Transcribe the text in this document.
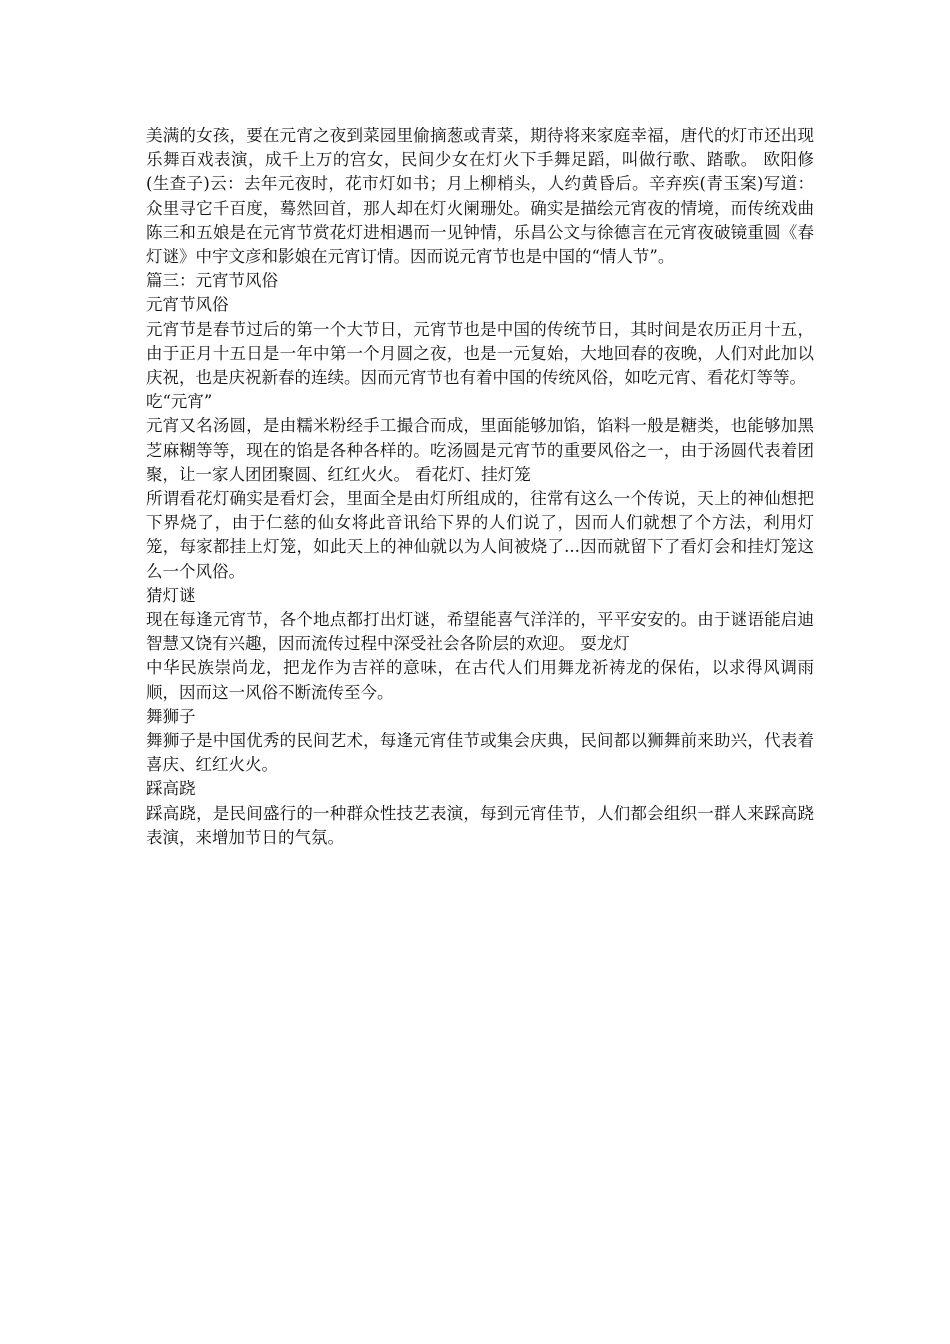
美满的女孩，要在元宵之夜到菜园里偷摘葱或青菜，期待将来家庭幸福，唐代的灯市还出现乐舞百戏表演，成千上万的宫女，民间少女在灯火下手舞足蹈，叫做行歌、踏歌。 欧阳修(生查子)云：去年元夜时，花市灯如书；月上柳梢头，人约黄昏后。辛弃疾(青玉案)写道：众里寻它千百度，蓦然回首，那人却在灯火阑珊处。确实是描绘元宵夜的情境，而传统戏曲陈三和五娘是在元宵节赏花灯进相遇而一见钟情，乐昌公文与徐德言在元宵夜破镜重圆《春灯谜》中宇文彦和影娘在元宵订情。因而说元宵节也是中国的“情人节”。

篇三：元宵节风俗

元宵节风俗

元宵节是春节过后的第一个大节日，元宵节也是中国的传统节日，其时间是农历正月十五，由于正月十五日是一年中第一个月圆之夜，也是一元复始，大地回春的夜晚，人们对此加以庆祝，也是庆祝新春的连续。因而元宵节也有着中国的传统风俗，如吃元宵、看花灯等等。

吃“元宵”

元宵又名汤圆，是由糯米粉经手工撮合而成，里面能够加馅，馅料一般是糖类，也能够加黑芝麻糊等等，现在的馅是各种各样的。吃汤圆是元宵节的重要风俗之一，由于汤圆代表着团聚，让一家人团团聚圆、红红火火。 看花灯、挂灯笼

所谓看花灯确实是看灯会，里面全是由灯所组成的，往常有这么一个传说，天上的神仙想把下界烧了，由于仁慈的仙女将此音讯给下界的人们说了，因而人们就想了个方法，利用灯笼，每家都挂上灯笼，如此天上的神仙就以为人间被烧了...因而就留下了看灯会和挂灯笼这么一个风俗。

猜灯谜

现在每逢元宵节，各个地点都打出灯谜，希望能喜气洋洋的，平平安安的。由于谜语能启迪智慧又饶有兴趣，因而流传过程中深受社会各阶层的欢迎。 耍龙灯

中华民族崇尚龙，把龙作为吉祥的意味，在古代人们用舞龙祈祷龙的保佑，以求得风调雨顺，因而这一风俗不断流传至今。

舞狮子

舞狮子是中国优秀的民间艺术，每逢元宵佳节或集会庆典，民间都以狮舞前来助兴，代表着喜庆、红红火火。

踩高跷

踩高跷，是民间盛行的一种群众性技艺表演，每到元宵佳节，人们都会组织一群人来踩高跷表演，来增加节日的气氛。
